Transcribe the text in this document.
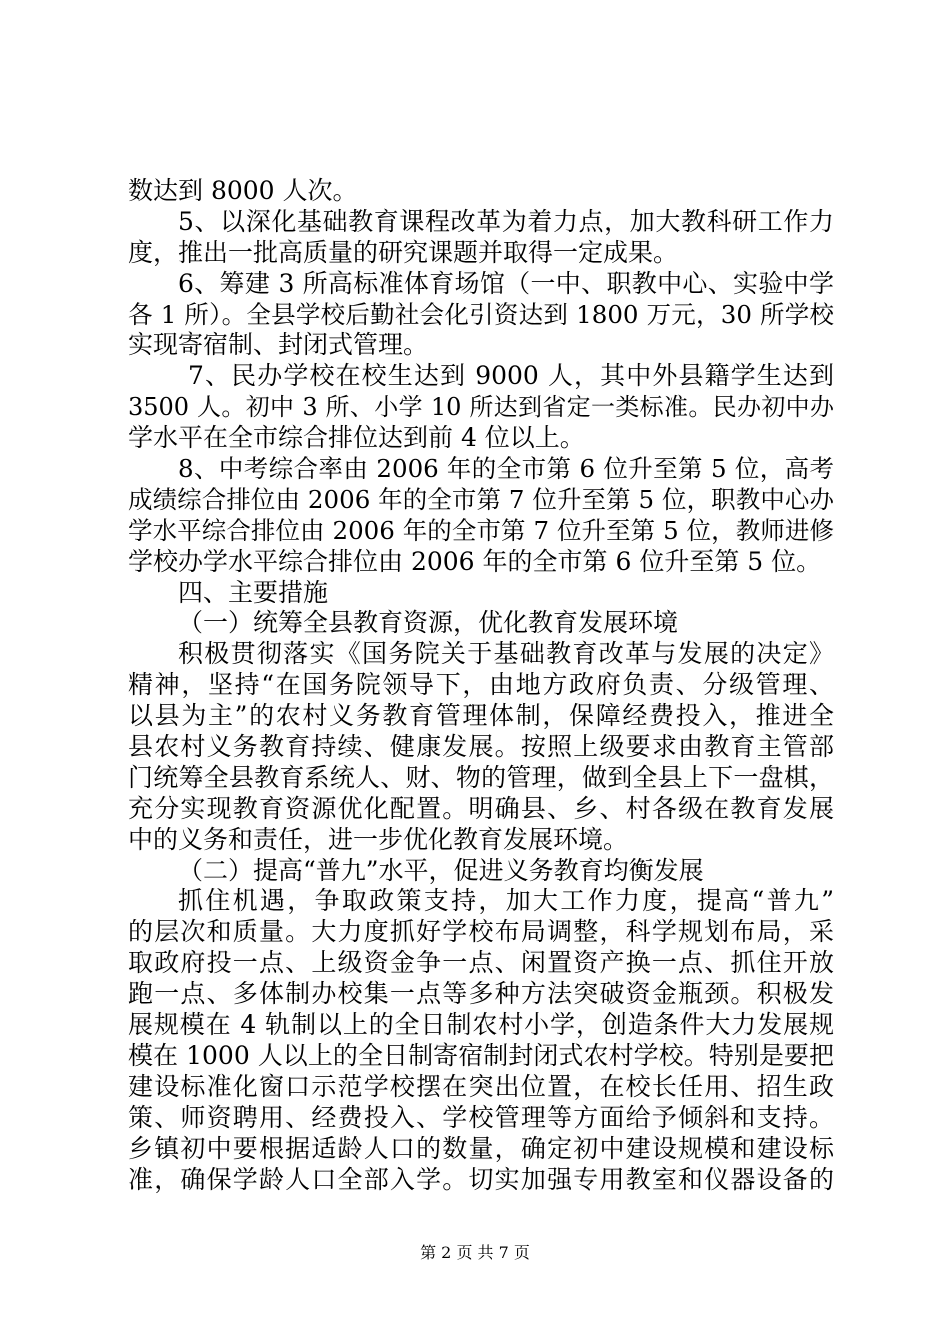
数达到 8000 人次。
5、以深化基础教育课程改革为着力点，加大教科研工作力
度，推出一批高质量的研究课题并取得一定成果。
6、筹建 3 所高标准体育场馆（一中、职教中心、实验中学
各 1 所）。全县学校后勤社会化引资达到 1800 万元，30 所学校
实现寄宿制、封闭式管理。
7、民办学校在校生达到 9000 人，其中外县籍学生达到
3500 人。初中 3 所、小学 10 所达到省定一类标准。民办初中办
学水平在全市综合排位达到前 4 位以上。
8、中考综合率由 2006 年的全市第 6 位升至第 5 位，高考
成绩综合排位由 2006 年的全市第 7 位升至第 5 位，职教中心办
学水平综合排位由 2006 年的全市第 7 位升至第 5 位，教师进修
学校办学水平综合排位由 2006 年的全市第 6 位升至第 5 位。
四、主要措施
（一）统筹全县教育资源，优化教育发展环境
积极贯彻落实《国务院关于基础教育改革与发展的决定》
精神，坚持“在国务院领导下，由地方政府负责、分级管理、
以县为主”的农村义务教育管理体制，保障经费投入，推进全
县农村义务教育持续、健康发展。按照上级要求由教育主管部
门统筹全县教育系统人、财、物的管理，做到全县上下一盘棋，
充分实现教育资源优化配置。明确县、乡、村各级在教育发展
中的义务和责任，进一步优化教育发展环境。
（二）提高“普九”水平，促进义务教育均衡发展
抓住机遇，争取政策支持，加大工作力度，提高“普九”
的层次和质量。大力度抓好学校布局调整，科学规划布局，采
取政府投一点、上级资金争一点、闲置资产换一点、抓住开放
跑一点、多体制办校集一点等多种方法突破资金瓶颈。积极发
展规模在 4 轨制以上的全日制农村小学，创造条件大力发展规
模在 1000 人以上的全日制寄宿制封闭式农村学校。特别是要把
建设标准化窗口示范学校摆在突出位置，在校长任用、招生政
策、师资聘用、经费投入、学校管理等方面给予倾斜和支持。
乡镇初中要根据适龄人口的数量，确定初中建设规模和建设标
准，确保学龄人口全部入学。切实加强专用教室和仪器设备的
第 2 页 共 7 页
